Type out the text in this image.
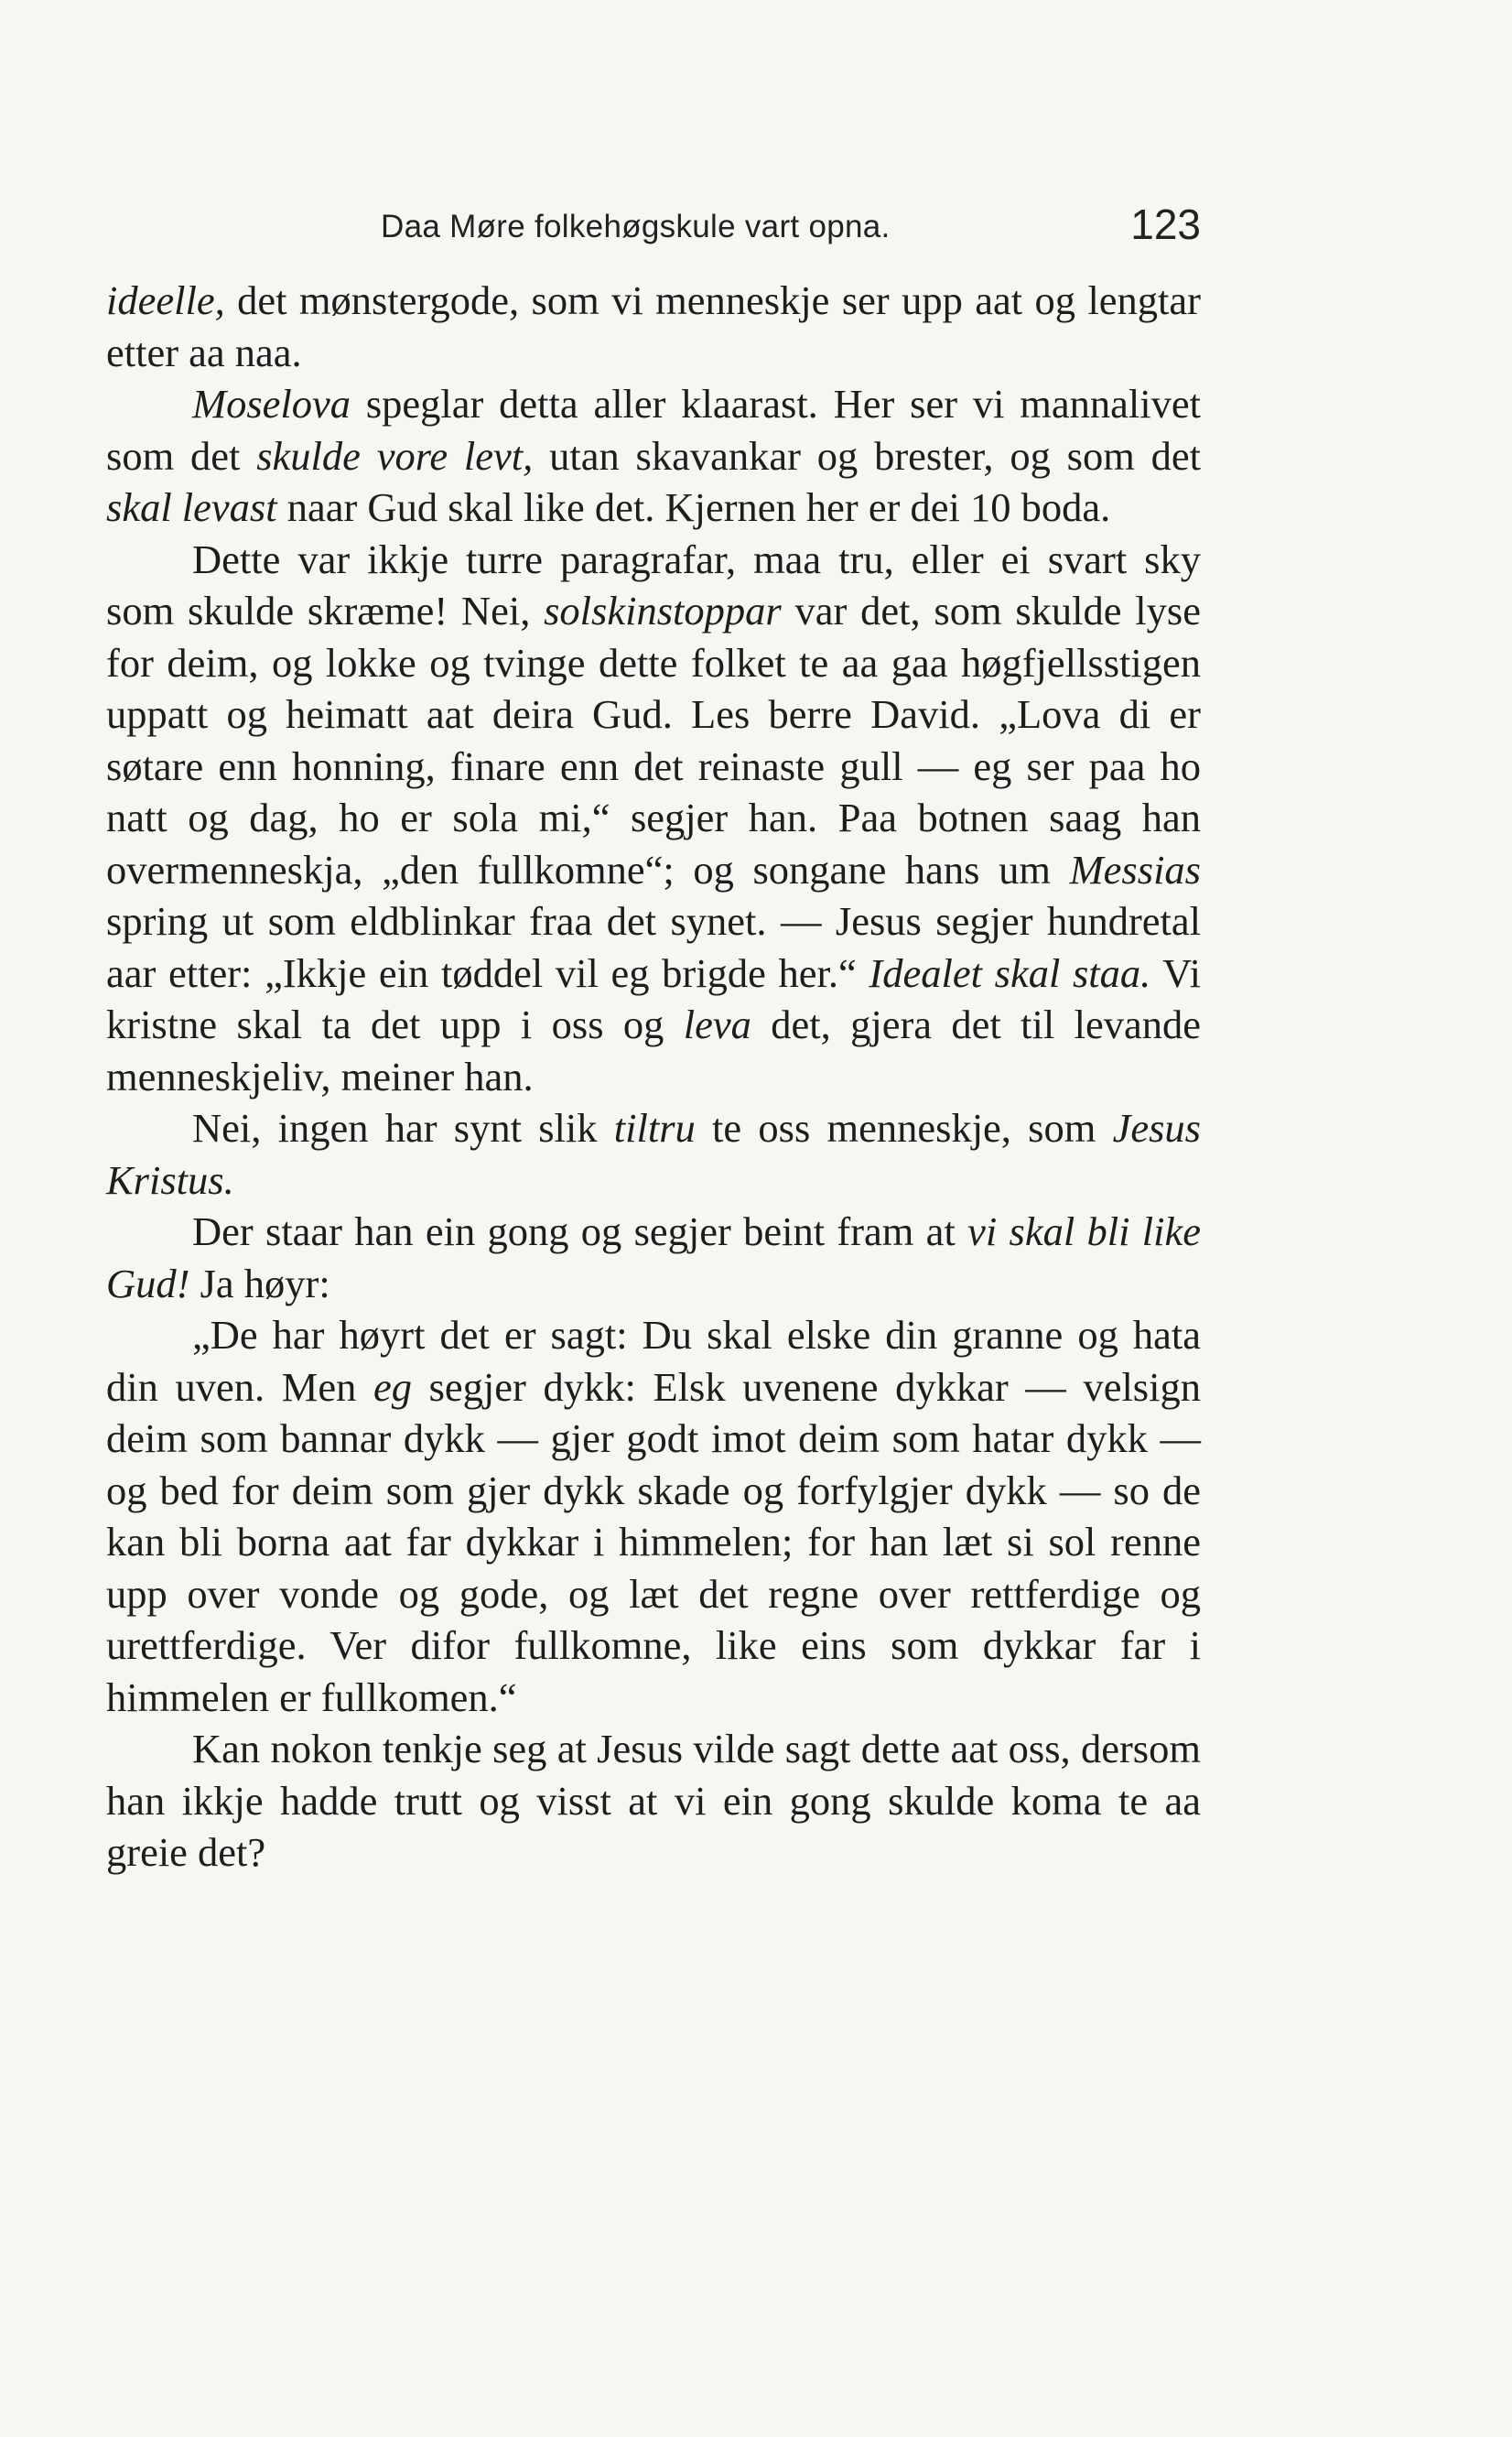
Daa Møre folkehøgskule vart opna.	123

ideelle, det mønstergode, som vi menneskje ser upp aat og lengtar etter aa naa.

Moselova speglar detta aller klaarast. Her ser vi mannalivet som det skulde vore levt, utan skavankar og brester, og som det skal levast naar Gud skal like det. Kjernen her er dei 10 boda.

Dette var ikkje turre paragrafar, maa tru, eller ei svart sky som skulde skræme! Nei, solskinstoppar var det, som skulde lyse for deim, og lokke og tvinge dette folket te aa gaa høgfjellsstigen uppatt og heimatt aat deira Gud. Les berre David. „Lova di er søtare enn honning, finare enn det reinaste gull — eg ser paa ho natt og dag, ho er sola mi,“ segjer han. Paa botnen saag han overmenneskja, „den fullkomne“; og songane hans um Messias spring ut som eldblinkar fraa det synet. — Jesus segjer hundretal aar etter: „Ikkje ein tøddel vil eg brigde her.“ Idealet skal staa. Vi kristne skal ta det upp i oss og leva det, gjera det til levande menneskjeliv, meiner han.

Nei, ingen har synt slik tiltru te oss menneskje, som Jesus Kristus.

Der staar han ein gong og segjer beint fram at vi skal bli like Gud! Ja høyr:

„De har høyrt det er sagt: Du skal elske din granne og hata din uven. Men eg segjer dykk: Elsk uvenene dykkar — velsign deim som bannar dykk — gjer godt imot deim som hatar dykk — og bed for deim som gjer dykk skade og forfylgjer dykk — so de kan bli borna aat far dykkar i himmelen; for han læt si sol renne upp over vonde og gode, og læt det regne over rettferdige og urettferdige. Ver difor fullkomne, like eins som dykkar far i himmelen er fullkomen.“

Kan nokon tenkje seg at Jesus vilde sagt dette aat oss, dersom han ikkje hadde trutt og visst at vi ein gong skulde koma te aa greie det?
